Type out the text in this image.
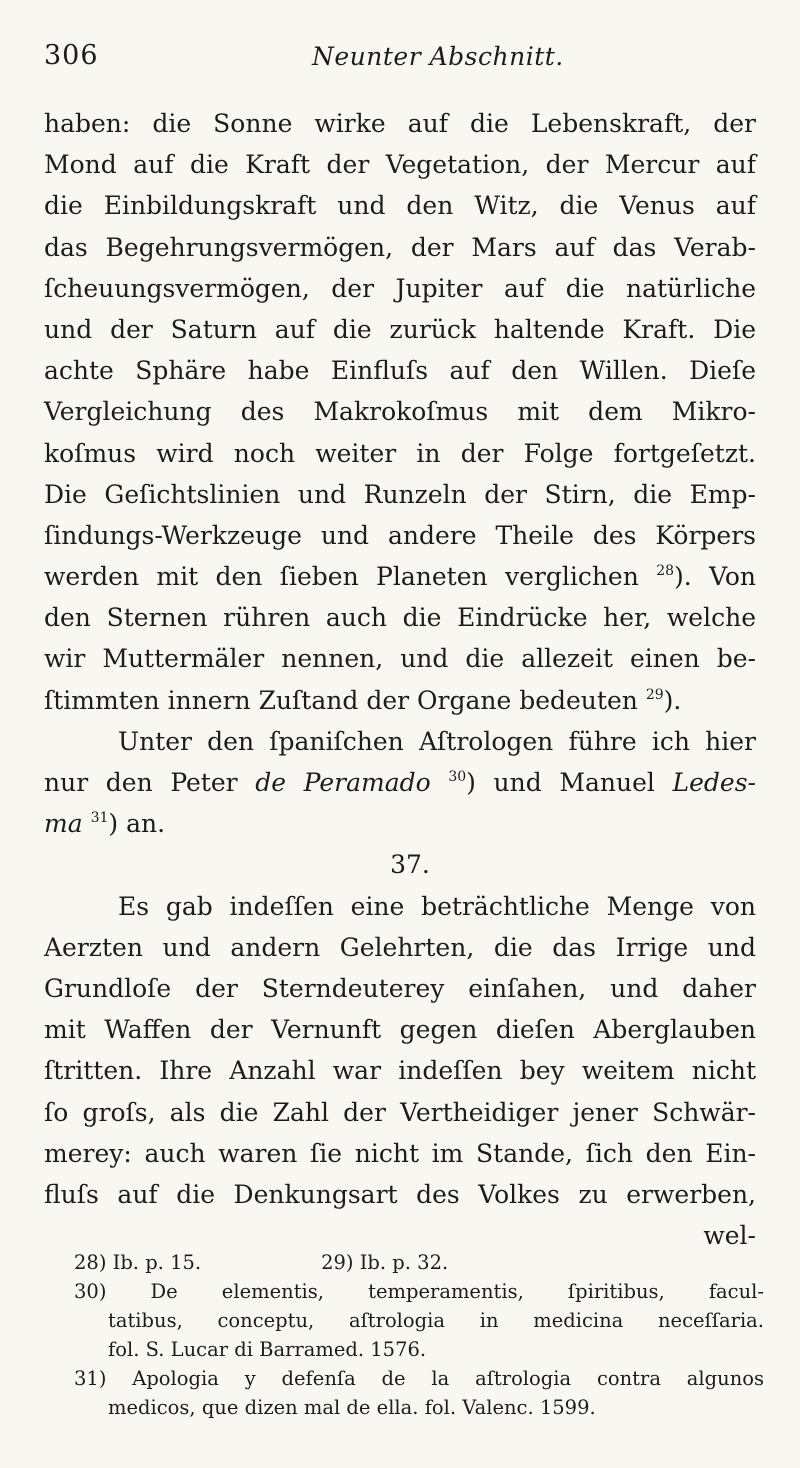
306	Neunter Abschnitt.
haben: die Sonne wirke auf die Lebenskraft, der
Mond auf die Kraft der Vegetation, der Mercur auf
die Einbildungskraft und den Witz, die Venus auf
das Begehrungsvermögen, der Mars auf das Verab-
ſcheuungsvermögen, der Jupiter auf die natürliche
und der Saturn auf die zurück haltende Kraft. Die
achte Sphäre habe Einfluſs auf den Willen. Dieſe
Vergleichung des Makrokoſmus mit dem Mikro-
koſmus wird noch weiter in der Folge fortgeſetzt.
Die Geſichtslinien und Runzeln der Stirn, die Emp-
ſindungs-Werkzeuge und andere Theile des Körpers
werden mit den ſieben Planeten verglichen $^{28}$). Von
den Sternen rühren auch die Eindrücke her, welche
wir Muttermäler nennen, und die allezeit einen be-
ſtimmten innern Zuſtand der Organe bedeuten $^{29}$).
Unter den ſpaniſchen Aſtrologen führe ich hier
nur den Peter de Peramado $^{30}$) und Manuel Ledes-
ma $^{31}$) an.
37.
Es gab indeſſen eine beträchtliche Menge von
Aerzten und andern Gelehrten, die das Irrige und
Grundloſe der Sterndeuterey einſahen, und daher
mit Waffen der Vernunft gegen dieſen Aberglauben
ſtritten. Ihre Anzahl war indeſſen bey weitem nicht
ſo groſs, als die Zahl der Vertheidiger jener Schwär-
merey: auch waren ſie nicht im Stande, ſich den Ein-
fluſs auf die Denkungsart des Volkes zu erwerben,
wel-
28) Ib. p. 15.	29) Ib. p. 32.
30) De elementis, temperamentis, ſpiritibus, facul-
tatibus, conceptu, aſtrologia in medicina neceſſaria.
fol. S. Lucar di Barramed. 1576.
31) Apologia y defenſa de la aſtrologia contra algunos
medicos, que dizen mal de ella. fol. Valenc. 1599.
